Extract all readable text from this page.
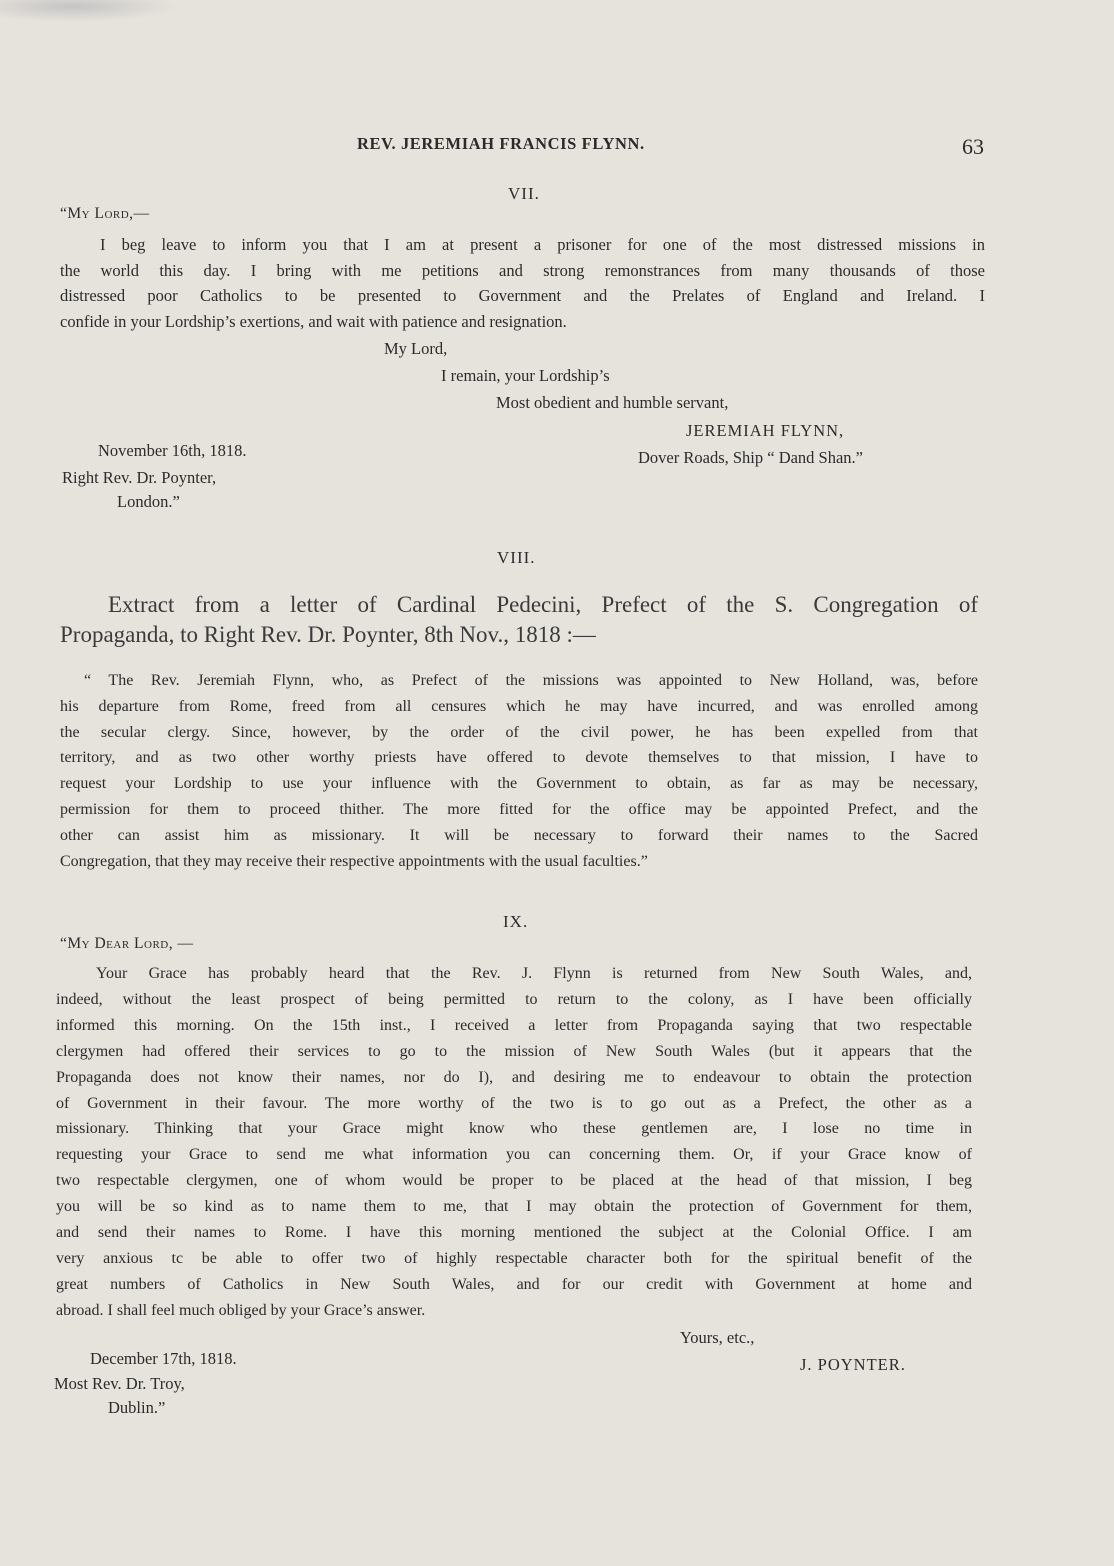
REV. JEREMIAH FRANCIS FLYNN.	63
VII.
“My Lord,—
I beg leave to inform you that I am at present a prisoner for one of the most distressed missions in
the world this day. I bring with me petitions and strong remonstrances from many thousands of those
distressed poor Catholics to be presented to Government and the Prelates of England and Ireland. I
confide in your Lordship’s exertions, and wait with patience and resignation.
My Lord,
I remain, your Lordship’s
Most obedient and humble servant,
JEREMIAH FLYNN,
Dover Roads, Ship “ Dand Shan.”
November 16th, 1818.
Right Rev. Dr. Poynter,
London.”
VIII.
Extract from a letter of Cardinal Pedecini, Prefect of the S. Congregation of
Propaganda, to Right Rev. Dr. Poynter, 8th Nov., 1818 :—
“ The Rev. Jeremiah Flynn, who, as Prefect of the missions was appointed to New Holland, was, before
his departure from Rome, freed from all censures which he may have incurred, and was enrolled among
the secular clergy. Since, however, by the order of the civil power, he has been expelled from that
territory, and as two other worthy priests have offered to devote themselves to that mission, I have to
request your Lordship to use your influence with the Government to obtain, as far as may be necessary,
permission for them to proceed thither. The more fitted for the office may be appointed Prefect, and the
other can assist him as missionary. It will be necessary to forward their names to the Sacred
Congregation, that they may receive their respective appointments with the usual faculties.”
IX.
“My Dear Lord, —
Your Grace has probably heard that the Rev. J. Flynn is returned from New South Wales, and,
indeed, without the least prospect of being permitted to return to the colony, as I have been officially
informed this morning. On the 15th inst., I received a letter from Propaganda saying that two respectable
clergymen had offered their services to go to the mission of New South Wales (but it appears that the
Propaganda does not know their names, nor do I), and desiring me to endeavour to obtain the protection
of Government in their favour. The more worthy of the two is to go out as a Prefect, the other as a
missionary. Thinking that your Grace might know who these gentlemen are, I lose no time in
requesting your Grace to send me what information you can concerning them. Or, if your Grace know of
two respectable clergymen, one of whom would be proper to be placed at the head of that mission, I beg
you will be so kind as to name them to me, that I may obtain the protection of Government for them,
and send their names to Rome. I have this morning mentioned the subject at the Colonial Office. I am
very anxious tc be able to offer two of highly respectable character both for the spiritual benefit of the
great numbers of Catholics in New South Wales, and for our credit with Government at home and
abroad. I shall feel much obliged by your Grace’s answer.
Yours, etc.,
J. POYNTER.
December 17th, 1818.
Most Rev. Dr. Troy,
Dublin.”
